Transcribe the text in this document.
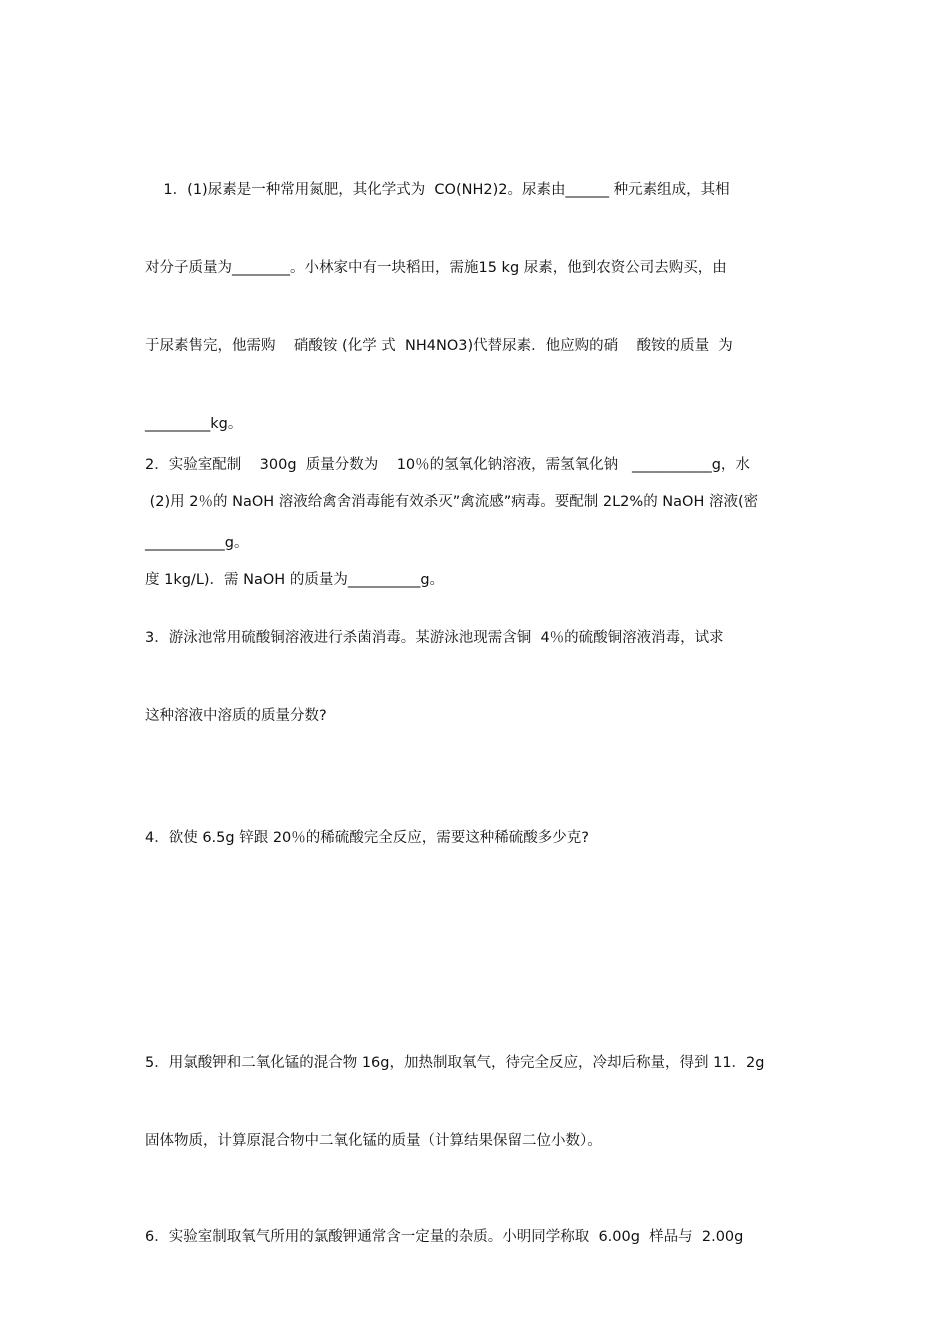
1．(1)尿素是一种常用氮肥，其化学式为  CO(NH2)2。尿素由______ 种元素组成，其相

对分子质量为________。小林家中有一块稻田，需施15 kg 尿素，他到农资公司去购买，由

于尿素售完，他需购    硝酸铵 (化学 式  NH4NO3)代替尿素．他应购的硝    酸铵的质量  为

_________kg。

(2)用 2％的 NaOH 溶液给禽舍消毒能有效杀灭”禽流感”病毒。要配制 2L2%的 NaOH 溶液(密

度 1kg/L)．需 NaOH 的质量为__________g。

2．实验室配制    300g  质量分数为    10％的氢氧化钠溶液，需氢氧化钠   ___________g，水

___________g。

3．游泳池常用硫酸铜溶液进行杀菌消毒。某游泳池现需含铜  4％的硫酸铜溶液消毒，试求

这种溶液中溶质的质量分数?

4．欲使 6.5g 锌跟 20％的稀硫酸完全反应，需要这种稀硫酸多少克?

5．用氯酸钾和二氧化锰的混合物 16g，加热制取氧气，待完全反应，冷却后称量，得到 11．2g

固体物质，计算原混合物中二氧化锰的质量（计算结果保留二位小数）。

6．实验室制取氧气所用的氯酸钾通常含一定量的杂质。小明同学称取  6.00g  样品与  2.00g
